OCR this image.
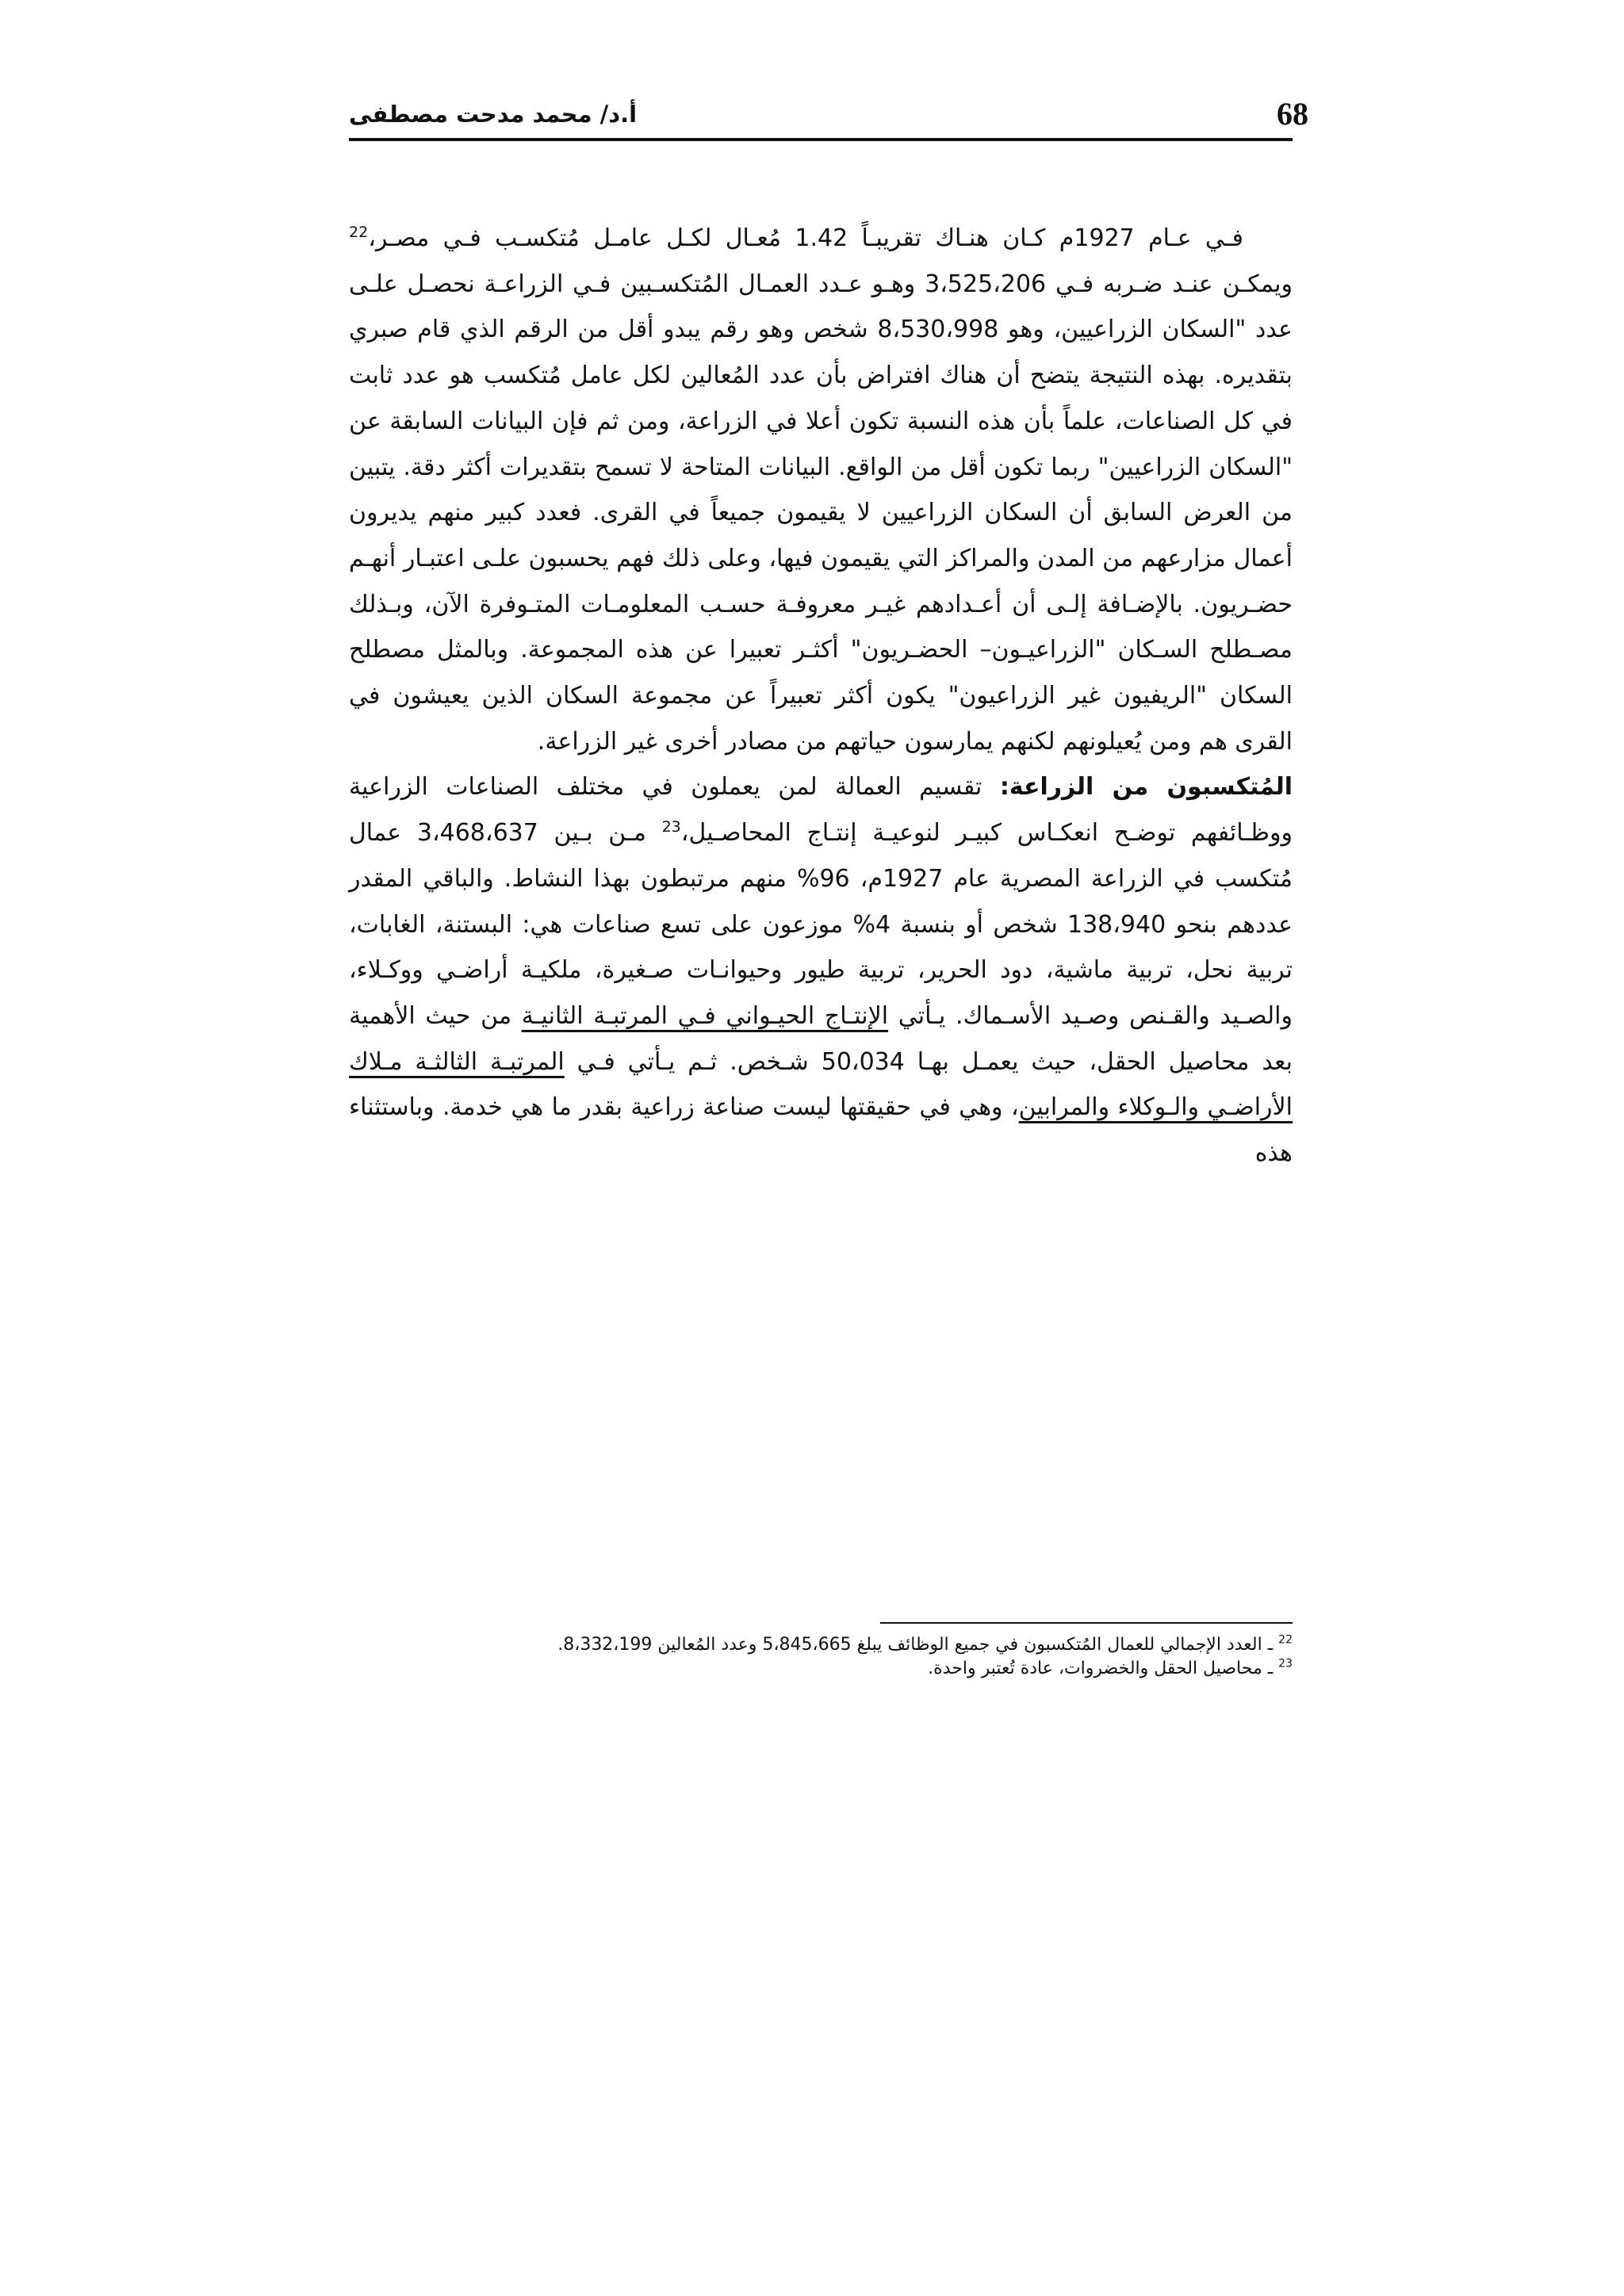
68
أ.د/ محمد مدحت مصطفى

فـي عـام 1927م كـان هنـاك تقريبـاً 1.42 مُعـال لكـل عامـل مُتكسـب فـي مصـر،$^{22}$ ويمكـن عنـد ضـربه فـي 3،525،206 وهـو عـدد العمـال المُتكسـبين فـي الزراعـة نحصـل علـى عدد "السكان الزراعيين، وهو 8،530،998 شخص وهو رقم يبدو أقل من الرقم الذي قام صبري بتقديره. بهذه النتيجة يتضح أن هناك افتراض بأن عدد المُعالين لكل عامل مُتكسب هو عدد ثابت في كل الصناعات، علماً بأن هذه النسبة تكون أعلا في الزراعة، ومن ثم فإن البيانات السابقة عن "السكان الزراعيين" ربما تكون أقل من الواقع. البيانات المتاحة لا تسمح بتقديرات أكثر دقة. يتبين من العرض السابق أن السكان الزراعيين لا يقيمون جميعاً في القرى. فعدد كبير منهم يديرون أعمال مزارعهم من المدن والمراكز التي يقيمون فيها، وعلى ذلك فهم يحسبون علـى اعتبـار أنهـم حضـريون. بالإضـافة إلـى أن أعـدادهم غيـر معروفـة حسـب المعلومـات المتـوفرة الآن، وبـذلك مصـطلح السـكان "الزراعيـون– الحضـريون" أكثـر تعبيرا عن هذه المجموعة. وبالمثل مصطلح السكان "الريفيون غير الزراعيون" يكون أكثر تعبيراً عن مجموعة السكان الذين يعيشون في القرى هم ومن يُعيلونهم لكنهم يمارسون حياتهم من مصادر أخرى غير الزراعة.

المُتكسبون من الزراعة: تقسيم العمالة لمن يعملون في مختلف الصناعات الزراعية ووظـائفهم توضـح انعكـاس كبيـر لنوعيـة إنتـاج المحاصـيل،$^{23}$ مـن بـين 3،468،637 عمال مُتكسب في الزراعة المصرية عام 1927م، 96% منهم مرتبطون بهذا النشاط. والباقي المقدر عددهم بنحو 138،940 شخص أو بنسبة 4% موزعون على تسع صناعات هي: البستنة، الغابات، تربية نحل، تربية ماشية، دود الحرير، تربية طيور وحيوانـات صـغيرة، ملكيـة أراضـي ووكـلاء، والصـيد والقـنص وصـيد الأسـماك. يـأتي الإنتـاج الحيـواني فـي المرتبـة الثانيـة من حيث الأهمية بعد محاصيل الحقل، حيث يعمـل بهـا 50،034 شـخص. ثـم يـأتي فـي المرتبـة الثالثـة مـلاك الأراضـي والـوكلاء والمرابين، وهي في حقيقتها ليست صناعة زراعية بقدر ما هي خدمة. وباستثناء هذه

$^{22}$ ـ العدد الإجمالي للعمال المُتكسبون في جميع الوظائف يبلغ 5،845،665 وعدد المُعالين 8،332،199.

$^{23}$ ـ محاصيل الحقل والخضروات، عادة تُعتبر واحدة.
